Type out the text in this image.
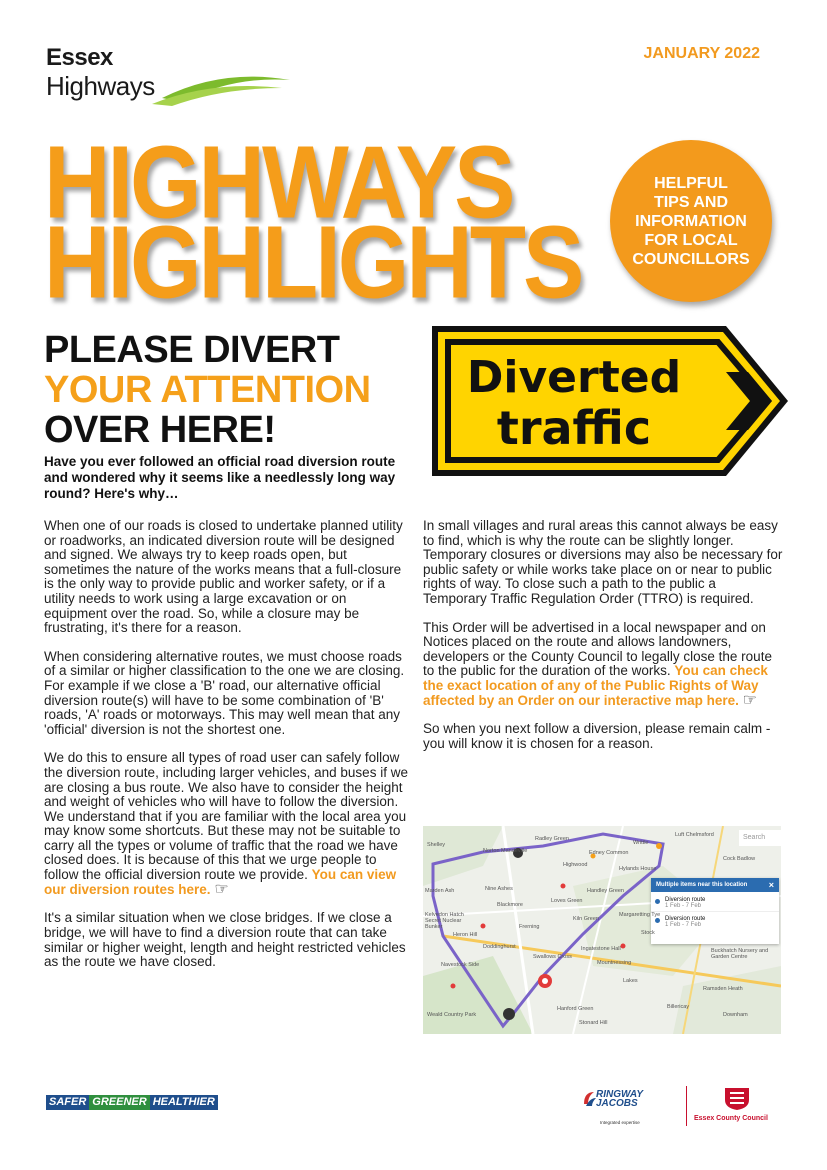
Essex
Highways
JANUARY 2022
HIGHWAYS
HIGHLIGHTS
HELPFUL
TIPS AND
INFORMATION
FOR LOCAL
COUNCILLORS
PLEASE DIVERT
YOUR ATTENTION
OVER HERE!
Diverted
traffic
Have you ever followed an official road diversion route and wondered why it seems like a needlessly long way round? Here's why…

When one of our roads is closed to undertake planned utility or roadworks, an indicated diversion route will be designed and signed. We always try to keep roads open, but sometimes the nature of the works means that a full-closure is the only way to provide public and worker safety, or if a utility needs to work using a large excavation or on equipment over the road. So, while a closure may be frustrating, it's there for a reason.

When considering alternative routes, we must choose roads of a similar or higher classification to the one we are closing. For example if we close a 'B' road, our alternative official diversion route(s) will have to be some combination of 'B' roads, 'A' roads or motorways. This may well mean that any 'official' diversion is not the shortest one.

We do this to ensure all types of road user can safely follow the diversion route, including larger vehicles, and buses if we are closing a bus route. We also have to consider the height and weight of vehicles who will have to follow the diversion. We understand that if you are familiar with the local area you may know some shortcuts. But these may not be suitable to carry all the types or volume of traffic that the road we have closed does. It is because of this that we urge people to follow the official diversion route we provide. You can view our diversion routes here. ☞

It's a similar situation when we close bridges. If we close a bridge, we will have to find a diversion route that can take similar or higher weight, length and height restricted vehicles as the route we have closed.

In small villages and rural areas this cannot always be easy to find, which is why the route can be slightly longer. Temporary closures or diversions may also be necessary for public safety or while works take place on or near to public rights of way. To close such a path to the public a Temporary Traffic Regulation Order (TTRO) is required.

This Order will be advertised in a local newspaper and on Notices placed on the route and allows landowners, developers or the County Council to legally close the route to the public for the duration of the works. You can check the exact location of any of the Public Rights of Way affected by an Order on our interactive map here. ☞

So when you next follow a diversion, please remain calm - you will know it is chosen for a reason.

Search
Multiple items near this location ×
Diversion route
1 Feb - 7 Feb
Diversion route
1 Feb - 7 Feb
Radley Green
Luft Chelmsford
Shelley
Norton Mandeville
Highwood
Writtle
Edney Common
Hylands House
Cock Badlow
Marden Ash	Nine Ashes
Blackmore
Handley Green
Loves Green
Margaretting Tye
Kiln Green
Stock
Doddinghurst	Ingatestone Hall
Swallows Cross
Mountnessing
Buckhatch Nursery and Garden Centre
Navestock Side
Ramsden Heath
Lakes
Billericay
Weald Country Park
Frerning
Hanford Green
Stonard Hill
Downham
Kelvedon Hatch Secret Nuclear Bunker
Heron Hill
SAFER GREENER HEALTHIER
RINGWAY
JACOBS
Integrated expertise
Essex County Council
